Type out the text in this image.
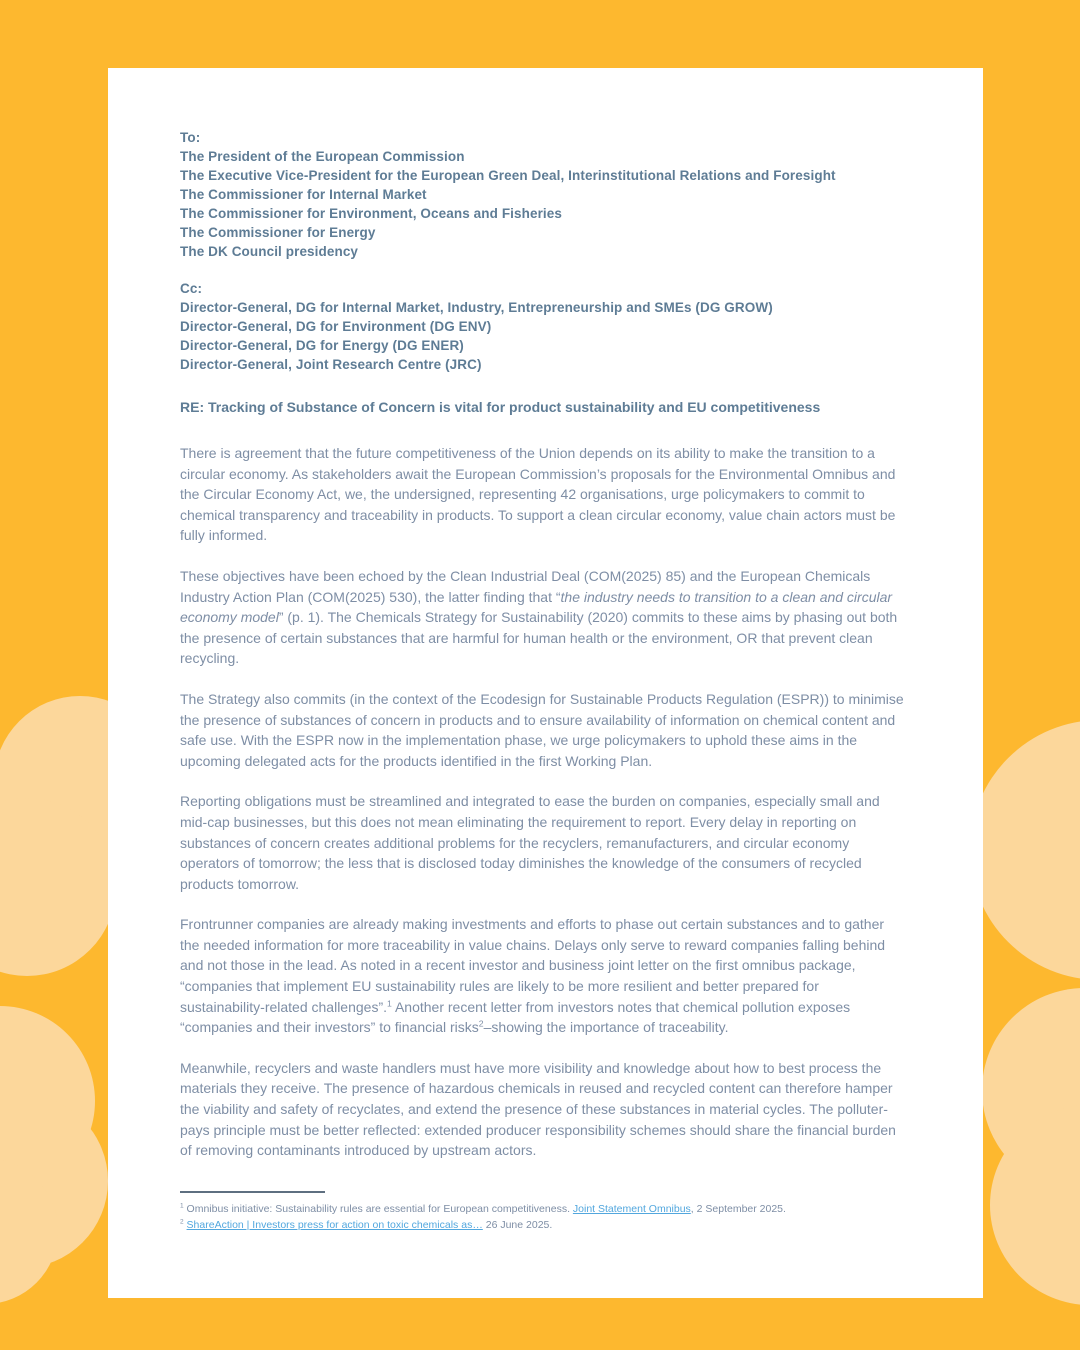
To:
The President of the European Commission
The Executive Vice-President for the European Green Deal, Interinstitutional Relations and Foresight
The Commissioner for Internal Market
The Commissioner for Environment, Oceans and Fisheries
The Commissioner for Energy
The DK Council presidency
Cc:
Director-General, DG for Internal Market, Industry, Entrepreneurship and SMEs (DG GROW)
Director-General, DG for Environment (DG ENV)
Director-General, DG for Energy (DG ENER)
Director-General, Joint Research Centre (JRC)
RE: Tracking of Substance of Concern is vital for product sustainability and EU competitiveness
There is agreement that the future competitiveness of the Union depends on its ability to make the transition to a circular economy. As stakeholders await the European Commission’s proposals for the Environmental Omnibus and the Circular Economy Act, we, the undersigned, representing 42 organisations, urge policymakers to commit to chemical transparency and traceability in products. To support a clean circular economy, value chain actors must be fully informed.
These objectives have been echoed by the Clean Industrial Deal (COM(2025) 85) and the European Chemicals Industry Action Plan (COM(2025) 530), the latter finding that “the industry needs to transition to a clean and circular economy model” (p. 1). The Chemicals Strategy for Sustainability (2020) commits to these aims by phasing out both the presence of certain substances that are harmful for human health or the environment, OR that prevent clean recycling.
The Strategy also commits (in the context of the Ecodesign for Sustainable Products Regulation (ESPR)) to minimise the presence of substances of concern in products and to ensure availability of information on chemical content and safe use. With the ESPR now in the implementation phase, we urge policymakers to uphold these aims in the upcoming delegated acts for the products identified in the first Working Plan.
Reporting obligations must be streamlined and integrated to ease the burden on companies, especially small and mid-cap businesses, but this does not mean eliminating the requirement to report. Every delay in reporting on substances of concern creates additional problems for the recyclers, remanufacturers, and circular economy operators of tomorrow; the less that is disclosed today diminishes the knowledge of the consumers of recycled products tomorrow.
Frontrunner companies are already making investments and efforts to phase out certain substances and to gather the needed information for more traceability in value chains. Delays only serve to reward companies falling behind and not those in the lead. As noted in a recent investor and business joint letter on the first omnibus package, “companies that implement EU sustainability rules are likely to be more resilient and better prepared for sustainability-related challenges”.$^1$ Another recent letter from investors notes that chemical pollution exposes “companies and their investors” to financial risks$^2$–showing the importance of traceability.
Meanwhile, recyclers and waste handlers must have more visibility and knowledge about how to best process the materials they receive. The presence of hazardous chemicals in reused and recycled content can therefore hamper the viability and safety of recyclates, and extend the presence of these substances in material cycles. The polluter-pays principle must be better reflected: extended producer responsibility schemes should share the financial burden of removing contaminants introduced by upstream actors.
$^1$ Omnibus initiative: Sustainability rules are essential for European competitiveness. Joint Statement Omnibus, 2 September 2025.
$^2$ ShareAction | Investors press for action on toxic chemicals as… 26 June 2025.
